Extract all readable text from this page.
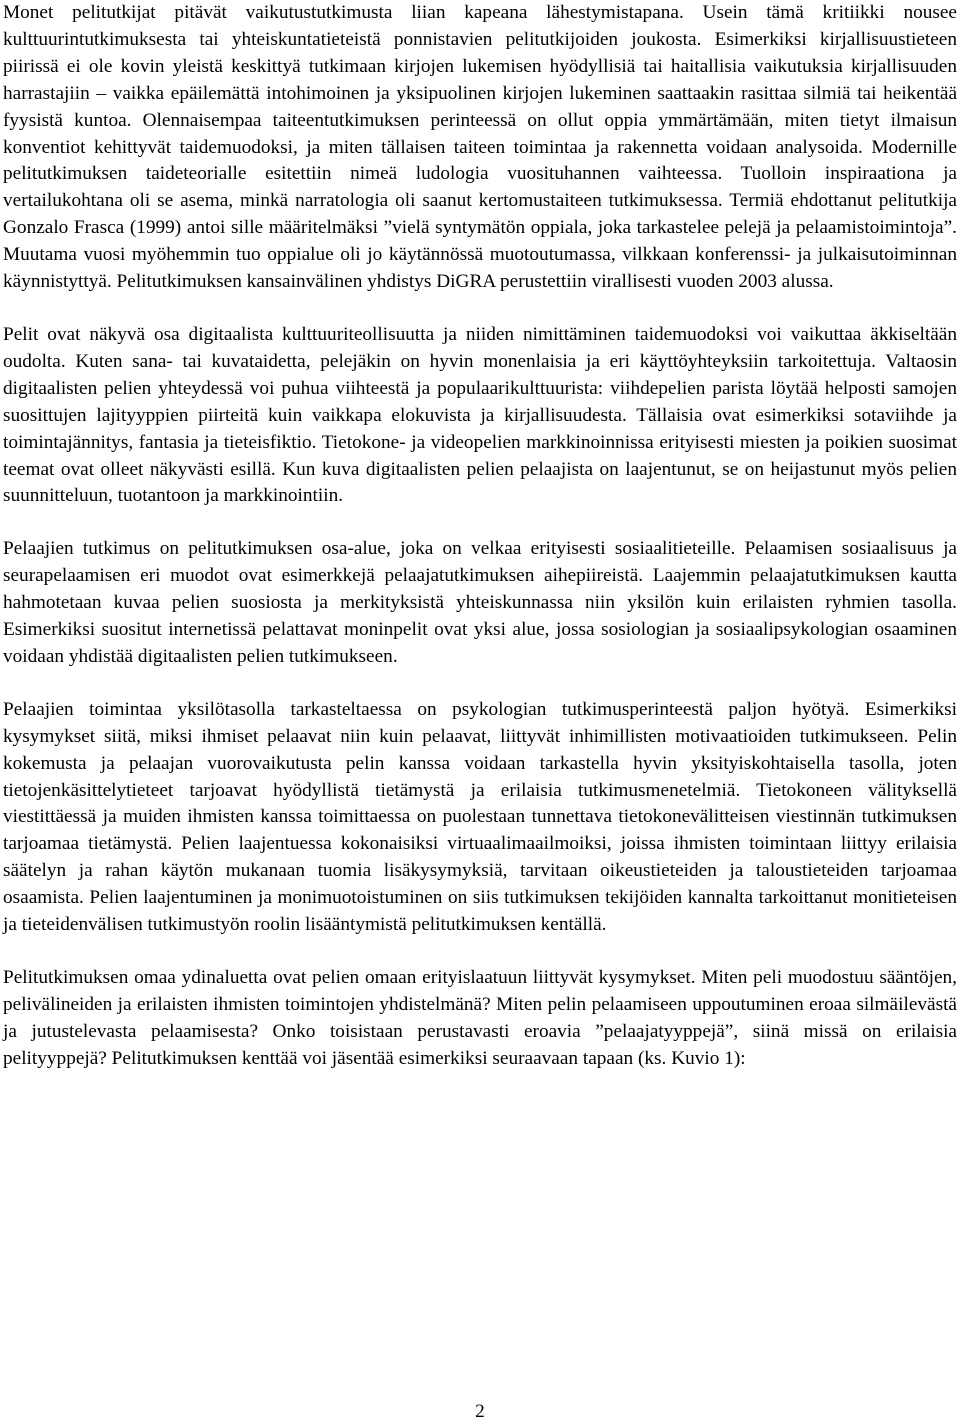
Monet pelitutkijat pitävät vaikutustutkimusta liian kapeana lähestymistapana. Usein tämä kritiikki nousee kulttuurintutkimuksesta tai yhteiskuntatieteistä ponnistavien pelitutkijoiden joukosta. Esimerkiksi kirjallisuustieteen piirissä ei ole kovin yleistä keskittyä tutkimaan kirjojen lukemisen hyödyllisiä tai haitallisia vaikutuksia kirjallisuuden harrastajiin – vaikka epäilemättä intohimoinen ja yksipuolinen kirjojen lukeminen saattaakin rasittaa silmiä tai heikentää fyysistä kuntoa. Olennaisempaa taiteentutkimuksen perinteessä on ollut oppia ymmärtämään, miten tietyt ilmaisun konventiot kehittyvät taidemuodoksi, ja miten tällaisen taiteen toimintaa ja rakennetta voidaan analysoida. Modernille pelitutkimuksen taideteorialle esitettiin nimeä ludologia vuosituhannen vaihteessa. Tuolloin inspiraationa ja vertailukohtana oli se asema, minkä narratologia oli saanut kertomustaiteen tutkimuksessa. Termiä ehdottanut pelitutkija Gonzalo Frasca (1999) antoi sille määritelmäksi ”vielä syntymätön oppiala, joka tarkastelee pelejä ja pelaamistoimintoja”. Muutama vuosi myöhemmin tuo oppialue oli jo käytännössä muotoutumassa, vilkkaan konferenssi- ja julkaisutoiminnan käynnistyttyä. Pelitutkimuksen kansainvälinen yhdistys DiGRA perustettiin virallisesti vuoden 2003 alussa.

Pelit ovat näkyvä osa digitaalista kulttuuriteollisuutta ja niiden nimittäminen taidemuodoksi voi vaikuttaa äkkiseltään oudolta. Kuten sana- tai kuvataidetta, pelejäkin on hyvin monenlaisia ja eri käyttöyhteyksiin tarkoitettuja. Valtaosin digitaalisten pelien yhteydessä voi puhua viihteestä ja populaarikulttuurista: viihdepelien parista löytää helposti samojen suosittujen lajityyppien piirteitä kuin vaikkapa elokuvista ja kirjallisuudesta. Tällaisia ovat esimerkiksi sotaviihde ja toimintajännitys, fantasia ja tieteisfiktio. Tietokone- ja videopelien markkinoinnissa erityisesti miesten ja poikien suosimat teemat ovat olleet näkyvästi esillä. Kun kuva digitaalisten pelien pelaajista on laajentunut, se on heijastunut myös pelien suunnitteluun, tuotantoon ja markkinointiin.

Pelaajien tutkimus on pelitutkimuksen osa-alue, joka on velkaa erityisesti sosiaalitieteille. Pelaamisen sosiaalisuus ja seurapelaamisen eri muodot ovat esimerkkejä pelaajatutkimuksen aihepiireistä. Laajemmin pelaajatutkimuksen kautta hahmotetaan kuvaa pelien suosiosta ja merkityksistä yhteiskunnassa niin yksilön kuin erilaisten ryhmien tasolla. Esimerkiksi suositut internetissä pelattavat moninpelit ovat yksi alue, jossa sosiologian ja sosiaalipsykologian osaaminen voidaan yhdistää digitaalisten pelien tutkimukseen.

Pelaajien toimintaa yksilötasolla tarkasteltaessa on psykologian tutkimusperinteestä paljon hyötyä. Esimerkiksi kysymykset siitä, miksi ihmiset pelaavat niin kuin pelaavat, liittyvät inhimillisten motivaatioiden tutkimukseen. Pelin kokemusta ja pelaajan vuorovaikutusta pelin kanssa voidaan tarkastella hyvin yksityiskohtaisella tasolla, joten tietojenkäsittelytieteet tarjoavat hyödyllistä tietämystä ja erilaisia tutkimusmenetelmiä. Tietokoneen välityksellä viestittäessä ja muiden ihmisten kanssa toimittaessa on puolestaan tunnettava tietokonevälitteisen viestinnän tutkimuksen tarjoamaa tietämystä. Pelien laajentuessa kokonaisiksi virtuaalimaailmoiksi, joissa ihmisten toimintaan liittyy erilaisia säätelyn ja rahan käytön mukanaan tuomia lisäkysymyksiä, tarvitaan oikeustieteiden ja taloustieteiden tarjoamaa osaamista. Pelien laajentuminen ja monimuotoistuminen on siis tutkimuksen tekijöiden kannalta tarkoittanut monitieteisen ja tieteidenvälisen tutkimustyön roolin lisääntymistä pelitutkimuksen kentällä.

Pelitutkimuksen omaa ydinaluetta ovat pelien omaan erityislaatuun liittyvät kysymykset. Miten peli muodostuu sääntöjen, pelivälineiden ja erilaisten ihmisten toimintojen yhdistelmänä? Miten pelin pelaamiseen uppoutuminen eroaa silmäilevästä ja jutustelevasta pelaamisesta? Onko toisistaan perustavasti eroavia ”pelaajatyyppejä”, siinä missä on erilaisia pelityyppejä? Pelitutkimuksen kenttää voi jäsentää esimerkiksi seuraavaan tapaan (ks. Kuvio 1):

2
